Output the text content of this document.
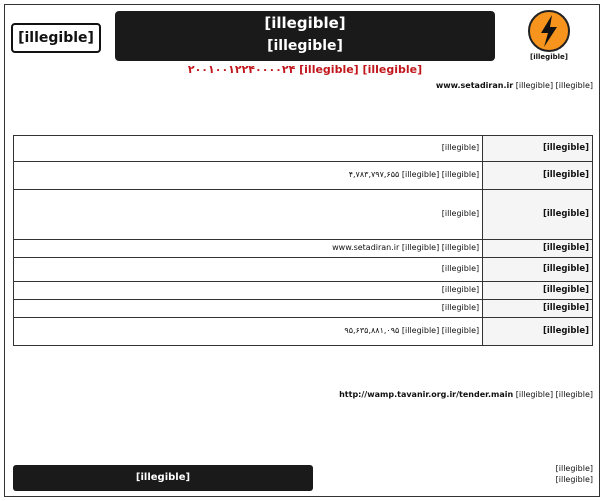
[illegible]
[illegible]
[illegible]
[illegible]
[illegible] ۲۰۰۱۰۰۱۲۲۴۰۰۰۰۲۴ [illegible]
[illegible] www.setadiran.ir [illegible]
[illegible]	[illegible]
[illegible]	[illegible] ۴,۷۸۳,۷۹۷,۶۵۵ [illegible]
[illegible]	[illegible]
[illegible]	[illegible] www.setadiran.ir [illegible]
[illegible]	[illegible]
[illegible]	[illegible]
[illegible]	[illegible]
[illegible]	[illegible] ۹۵,۶۳۵,۸۸۱,۰۹۵ [illegible]
[illegible] http://wamp.tavanir.org.ir/tender.main [illegible]
[illegible]
[illegible]
[illegible]
